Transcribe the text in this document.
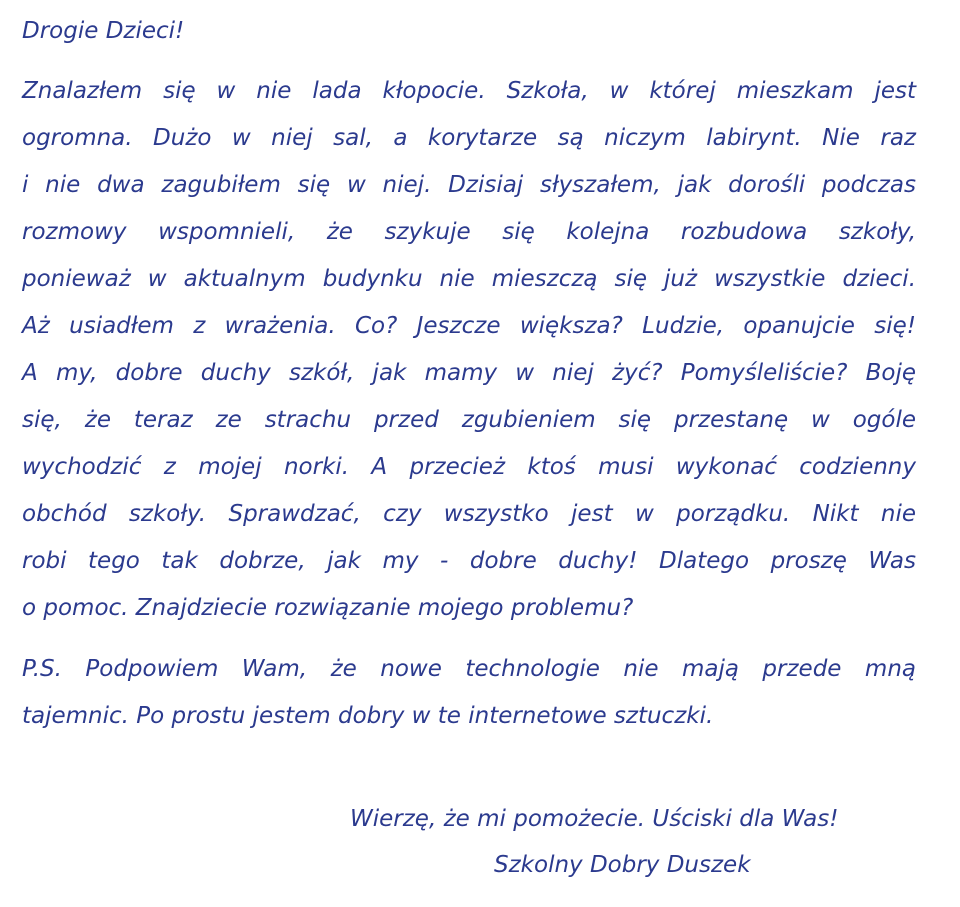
Drogie Dzieci!

Znalazłem się w nie lada kłopocie. Szkoła, w której mieszkam jest
ogromna. Dużo w niej sal, a korytarze są niczym labirynt. Nie raz
i nie dwa zagubiłem się w niej. Dzisiaj słyszałem, jak dorośli podczas
rozmowy wspomnieli, że szykuje się kolejna rozbudowa szkoły,
ponieważ w aktualnym budynku nie mieszczą się już wszystkie dzieci.
Aż usiadłem z wrażenia. Co? Jeszcze większa? Ludzie, opanujcie się!
A my, dobre duchy szkół, jak mamy w niej żyć? Pomyśleliście? Boję
się, że teraz ze strachu przed zgubieniem się przestanę w ogóle
wychodzić z mojej norki. A przecież ktoś musi wykonać codzienny
obchód szkoły. Sprawdzać, czy wszystko jest w porządku. Nikt nie
robi tego tak dobrze, jak my - dobre duchy! Dlatego proszę Was
o pomoc. Znajdziecie rozwiązanie mojego problemu?

P.S. Podpowiem Wam, że nowe technologie nie mają przede mną
tajemnic. Po prostu jestem dobry w te internetowe sztuczki.

Wierzę, że mi pomożecie. Uściski dla Was!
Szkolny Dobry Duszek
